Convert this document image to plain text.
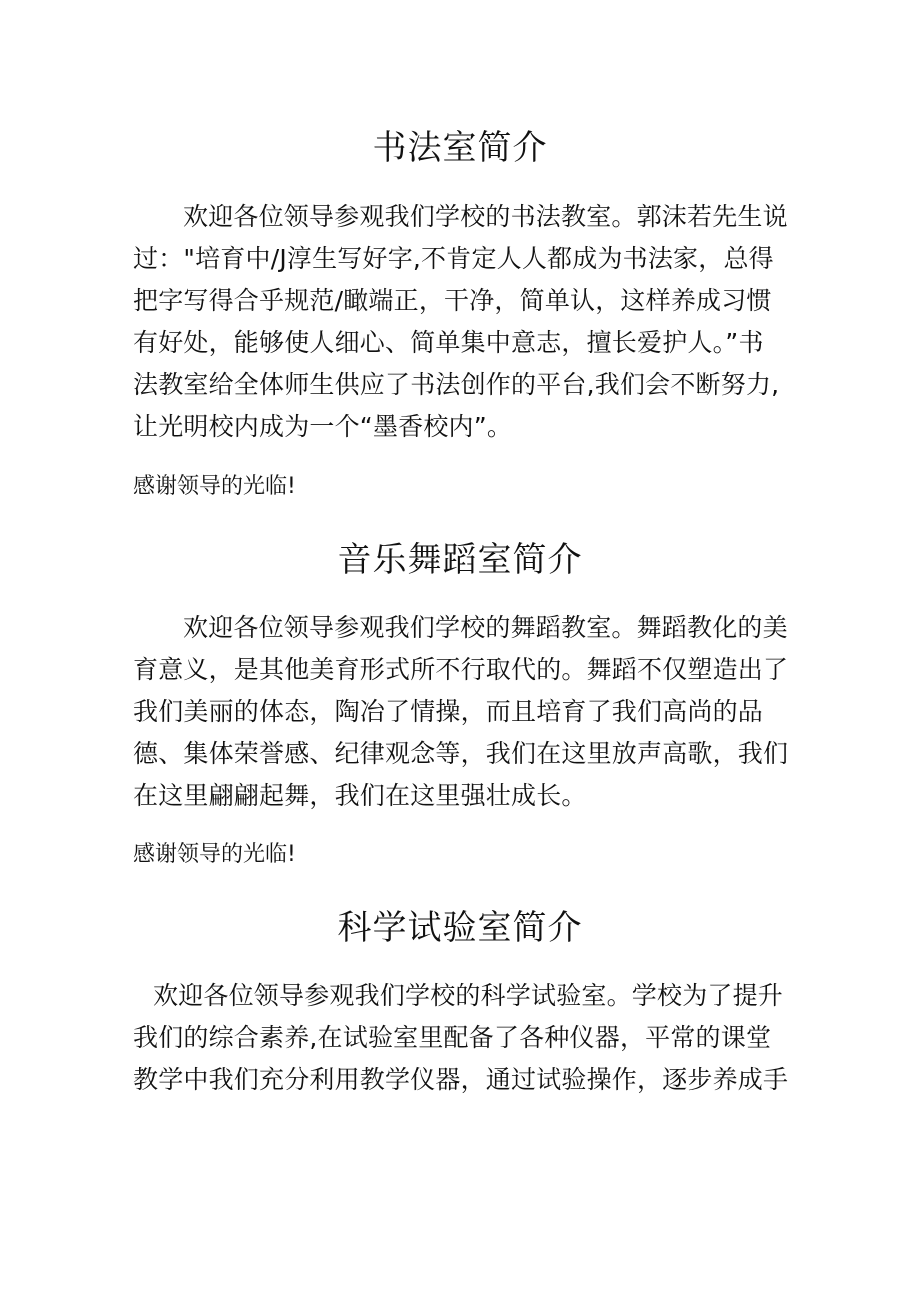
书法室简介
欢迎各位领导参观我们学校的书法教室。郭沫若先生说
过："培育中/J淳生写好字,不肯定人人都成为书法家，总得
把字写得合乎规范/瞰端正，干净，简单认，这样养成习惯
有好处，能够使人细心、简单集中意志，擅长爱护人。”书
法教室给全体师生供应了书法创作的平台,我们会不断努力,
让光明校内成为一个“墨香校内”。

感谢领导的光临!

音乐舞蹈室简介
欢迎各位领导参观我们学校的舞蹈教室。舞蹈教化的美
育意义，是其他美育形式所不行取代的。舞蹈不仅塑造出了
我们美丽的体态，陶冶了情操，而且培育了我们高尚的品
德、集体荣誉感、纪律观念等，我们在这里放声高歌，我们
在这里翩翩起舞，我们在这里强壮成长。

感谢领导的光临!

科学试验室简介
欢迎各位领导参观我们学校的科学试验室。学校为了提升
我们的综合素养,在试验室里配备了各种仪器，平常的课堂
教学中我们充分利用教学仪器，通过试验操作，逐步养成手
